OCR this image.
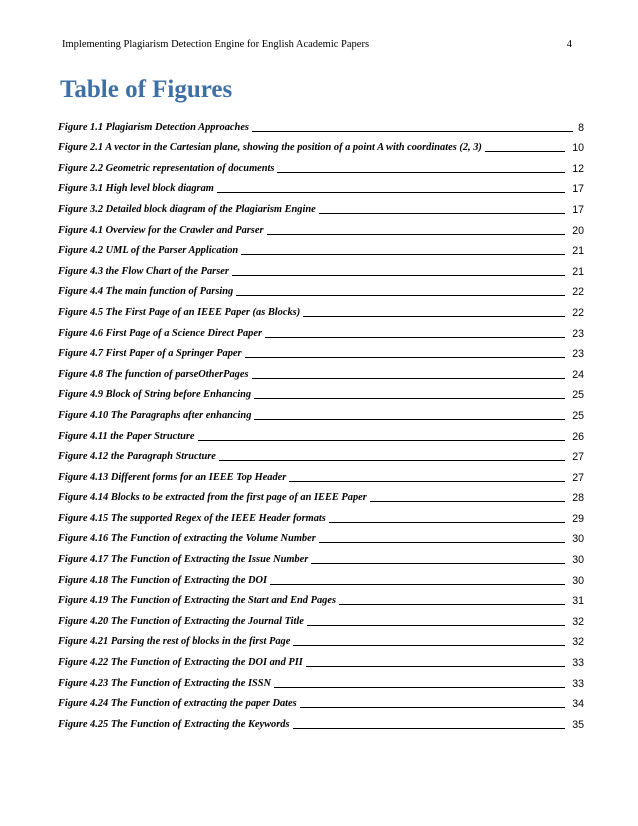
Implementing Plagiarism Detection Engine for English Academic Papers	4
Table of Figures
Figure 1.1 Plagiarism Detection Approaches	8
Figure 2.1 A vector in the Cartesian plane, showing the position of a point A with coordinates (2, 3)	10
Figure 2.2 Geometric representation of documents	12
Figure 3.1 High level block diagram	17
Figure 3.2 Detailed block diagram of the Plagiarism Engine	17
Figure 4.1 Overview for the Crawler and Parser	20
Figure 4.2 UML of the Parser Application	21
Figure 4.3 the Flow Chart of the Parser	21
Figure 4.4 The main function of Parsing	22
Figure 4.5 The First Page of an IEEE Paper (as Blocks)	22
Figure 4.6 First Page of a Science Direct Paper	23
Figure 4.7 First Paper of a Springer Paper	23
Figure 4.8 The function of parseOtherPages	24
Figure 4.9 Block of String before Enhancing	25
Figure 4.10 The Paragraphs after enhancing	25
Figure 4.11 the Paper Structure	26
Figure 4.12 the Paragraph Structure	27
Figure 4.13 Different forms for an IEEE Top Header	27
Figure 4.14 Blocks to be extracted from the first page of an IEEE Paper	28
Figure 4.15 The supported Regex of the IEEE Header formats	29
Figure 4.16 The Function of extracting the Volume Number	30
Figure 4.17 The Function of Extracting the Issue Number	30
Figure 4.18 The Function of Extracting the DOI	30
Figure 4.19 The Function of Extracting the Start and End Pages	31
Figure 4.20 The Function of Extracting the Journal Title	32
Figure 4.21 Parsing the rest of blocks in the first Page	32
Figure 4.22 The Function of Extracting the DOI and PII	33
Figure 4.23 The Function of Extracting the ISSN	33
Figure 4.24 The Function of extracting the paper Dates	34
Figure 4.25 The Function of Extracting the Keywords	35
